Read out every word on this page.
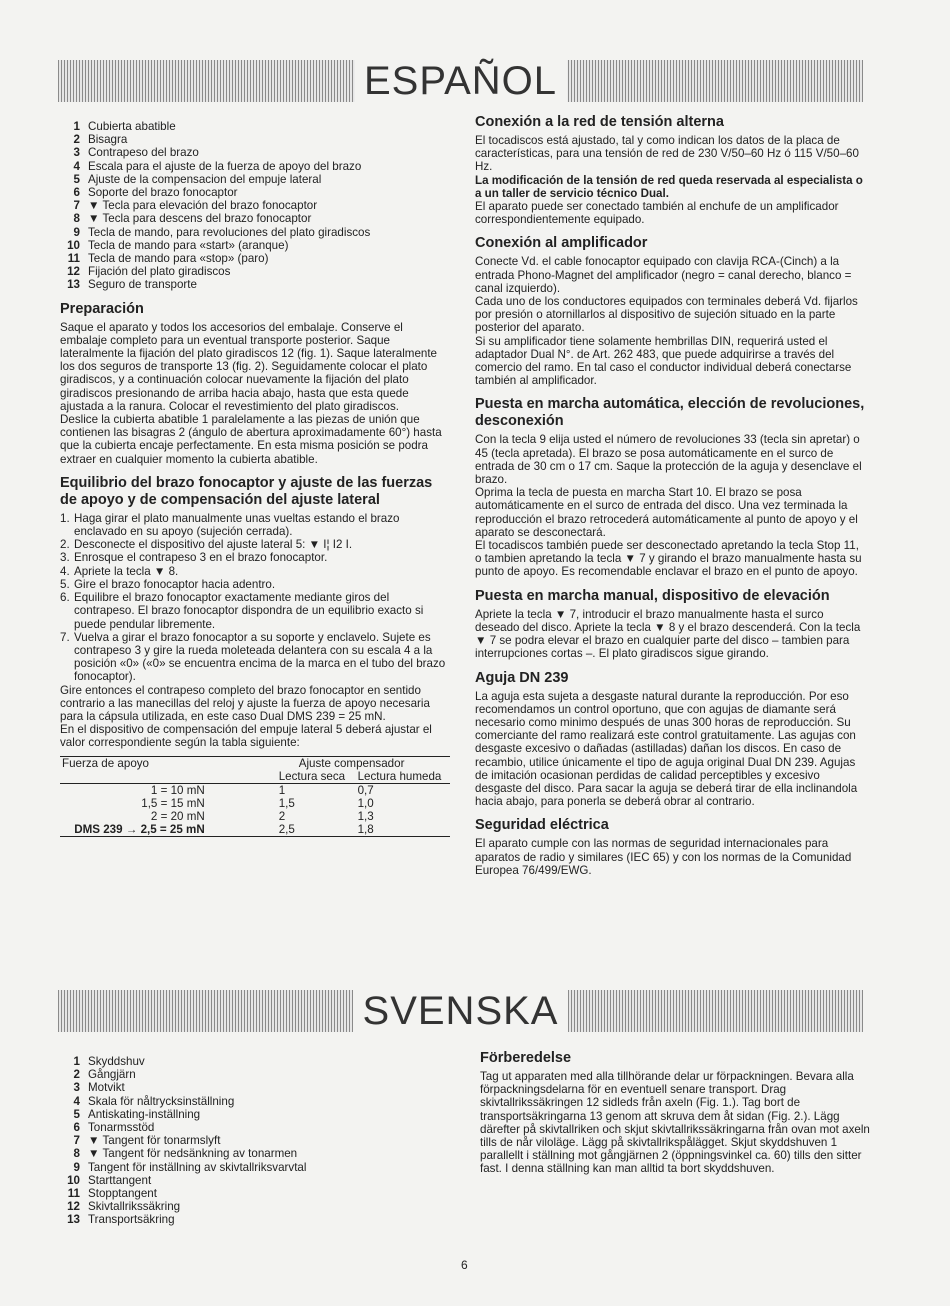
ESPAÑOL
SVENSKA
1 Cubierta abatible
2 Bisagra
3 Contrapeso del brazo
4 Escala para el ajuste de la fuerza de apoyo del brazo
5 Ajuste de la compensacion del empuje lateral
6 Soporte del brazo fonocaptor
7 ▼ Tecla para elevación del brazo fonocaptor
8 ▼ Tecla para descens del brazo fonocaptor
9 Tecla de mando, para revoluciones del plato giradiscos
10 Tecla de mando para «start» (aranque)
11 Tecla de mando para «stop» (paro)
12 Fijación del plato giradiscos
13 Seguro de transporte
Preparación

Saque el aparato y todos los accesorios del embalaje. Conserve el embalaje completo para un eventual transporte posterior. Saque lateralmente la fijación del plato giradiscos 12 (fig. 1). Saque lateralmente los dos seguros de transporte 13 (fig. 2). Seguidamente colocar el plato giradiscos, y a continuación colocar nuevamente la fijación del plato giradiscos presionando de arriba hacia abajo, hasta que esta quede ajustada a la ranura. Colocar el revestimiento del plato giradiscos.

Deslice la cubierta abatible 1 paralelamente a las piezas de unión que contienen las bisagras 2 (ángulo de abertura aproximadamente 60°) hasta que la cubierta encaje perfectamente. En esta misma posición se podra extraer en cualquier momento la cubierta abatible.

Equilibrio del brazo fonocaptor y ajuste de las fuerzas de apoyo y de compensación del ajuste lateral
1. Haga girar el plato manualmente unas vueltas estando el brazo enclavado en su apoyo (sujeción cerrada).
2. Desconecte el dispositivo del ajuste lateral 5: ▼ I¦ I2 I.
3. Enrosque el contrapeso 3 en el brazo fonocaptor.
4. Apriete la tecla ▼ 8.
5. Gire el brazo fonocaptor hacia adentro.
6. Equilibre el brazo fonocaptor exactamente mediante giros del contrapeso. El brazo fonocaptor dispondra de un equilibrio exacto si puede pendular libremente.
7. Vuelva a girar el brazo fonocaptor a su soporte y enclavelo. Sujete es contrapeso 3 y gire la rueda moleteada delantera con su escala 4 a la posición «0» («0» se encuentra encima de la marca en el tubo del brazo fonocaptor).

Gire entonces el contrapeso completo del brazo fonocaptor en sentido contrario a las manecillas del reloj y ajuste la fuerza de apoyo necesaria para la cápsula utilizada, en este caso Dual DMS 239 = 25 mN.

En el dispositivo de compensación del empuje lateral 5 deberá ajustar el valor correspondiente según la tabla siguiente:

Fuerza de apoyo	Ajuste compensador	
	Lectura seca	Lectura humeda
1 = 10 mN	1	0,7
1,5 = 15 mN	1,5	1,0
2 = 20 mN	2	1,3
DMS 239 → 2,5 = 25 mN	2,5	1,8
Conexión a la red de tensión alterna

El tocadiscos está ajustado, tal y como indican los datos de la placa de características, para una tensión de red de 230 V/50–60 Hz ó 115 V/50–60 Hz.

La modificación de la tensión de red queda reservada al especialista o a un taller de servicio técnico Dual.

El aparato puede ser conectado también al enchufe de un amplificador correspondientemente equipado.

Conexión al amplificador

Conecte Vd. el cable fonocaptor equipado con clavija RCA-(Cinch) a la entrada Phono-Magnet del amplificador (negro = canal derecho, blanco = canal izquierdo).

Cada uno de los conductores equipados con terminales deberá Vd. fijarlos por presión o atornillarlos al dispositivo de sujeción situado en la parte posterior del aparato.

Si su amplificador tiene solamente hembrillas DIN, requerirá usted el adaptador Dual N°. de Art. 262 483, que puede adquirirse a través del comercio del ramo. En tal caso el conductor individual deberá conectarse también al amplificador.

Puesta en marcha automática, elección de revoluciones, desconexión

Con la tecla 9 elija usted el número de revoluciones 33 (tecla sin apretar) o 45 (tecla apretada). El brazo se posa automáticamente en el surco de entrada de 30 cm o 17 cm. Saque la protección de la aguja y desenclave el brazo.

Oprima la tecla de puesta en marcha Start 10. El brazo se posa automáticamente en el surco de entrada del disco. Una vez terminada la reproducción el brazo retrocederá automáticamente al punto de apoyo y el aparato se desconectará.

El tocadiscos también puede ser desconectado apretando la tecla Stop 11, o tambien apretando la tecla ▼ 7 y girando el brazo manualmente hasta su punto de apoyo. Es recomendable enclavar el brazo en el punto de apoyo.

Puesta en marcha manual, dispositivo de elevación

Apriete la tecla ▼ 7, introducir el brazo manualmente hasta el surco deseado del disco. Apriete la tecla ▼ 8 y el brazo descenderá. Con la tecla ▼ 7 se podra elevar el brazo en cualquier parte del disco – tambien para interrupciones cortas –. El plato giradiscos sigue girando.

Aguja DN 239

La aguja esta sujeta a desgaste natural durante la reproducción. Por eso recomendamos un control oportuno, que con agujas de diamante será necesario como minimo después de unas 300 horas de reproducción. Su comerciante del ramo realizará este control gratuitamente. Las agujas con desgaste excesivo o dañadas (astilladas) dañan los discos. En caso de recambio, utilice únicamente el tipo de aguja original Dual DN 239. Agujas de imitación ocasionan perdidas de calidad perceptibles y excesivo desgaste del disco. Para sacar la aguja se deberá tirar de ella inclinandola hacia abajo, para ponerla se deberá obrar al contrario.

Seguridad eléctrica

El aparato cumple con las normas de seguridad internacionales para aparatos de radio y similares (IEC 65) y con los normas de la Comunidad Europea 76/499/EWG.

1 Skyddshuv
2 Gångjärn
3 Motvikt
4 Skala för nåltrycksinställning
5 Antiskating-inställning
6 Tonarmsstöd
7 ▼ Tangent för tonarmslyft
8 ▼ Tangent för nedsänkning av tonarmen
9 Tangent för inställning av skivtallriksvarvtal
10 Starttangent
11 Stopptangent
12 Skivtallrikssäkring
13 Transportsäkring
Förberedelse

Tag ut apparaten med alla tillhörande delar ur förpackningen. Bevara alla förpackningsdelarna för en eventuell senare transport. Drag skivtallrikssäkringen 12 sidleds från axeln (Fig. 1.). Tag bort de transportsäkringarna 13 genom att skruva dem åt sidan (Fig. 2.). Lägg därefter på skivtallriken och skjut skivtallrikssäkringarna från ovan mot axeln tills de når viloläge. Lägg på skivtallrikspålägget. Skjut skyddshuven 1 parallellt i ställning mot gångjärnen 2 (öppningsvinkel ca. 60) tills den sitter fast. I denna ställning kan man alltid ta bort skyddshuven.

6
